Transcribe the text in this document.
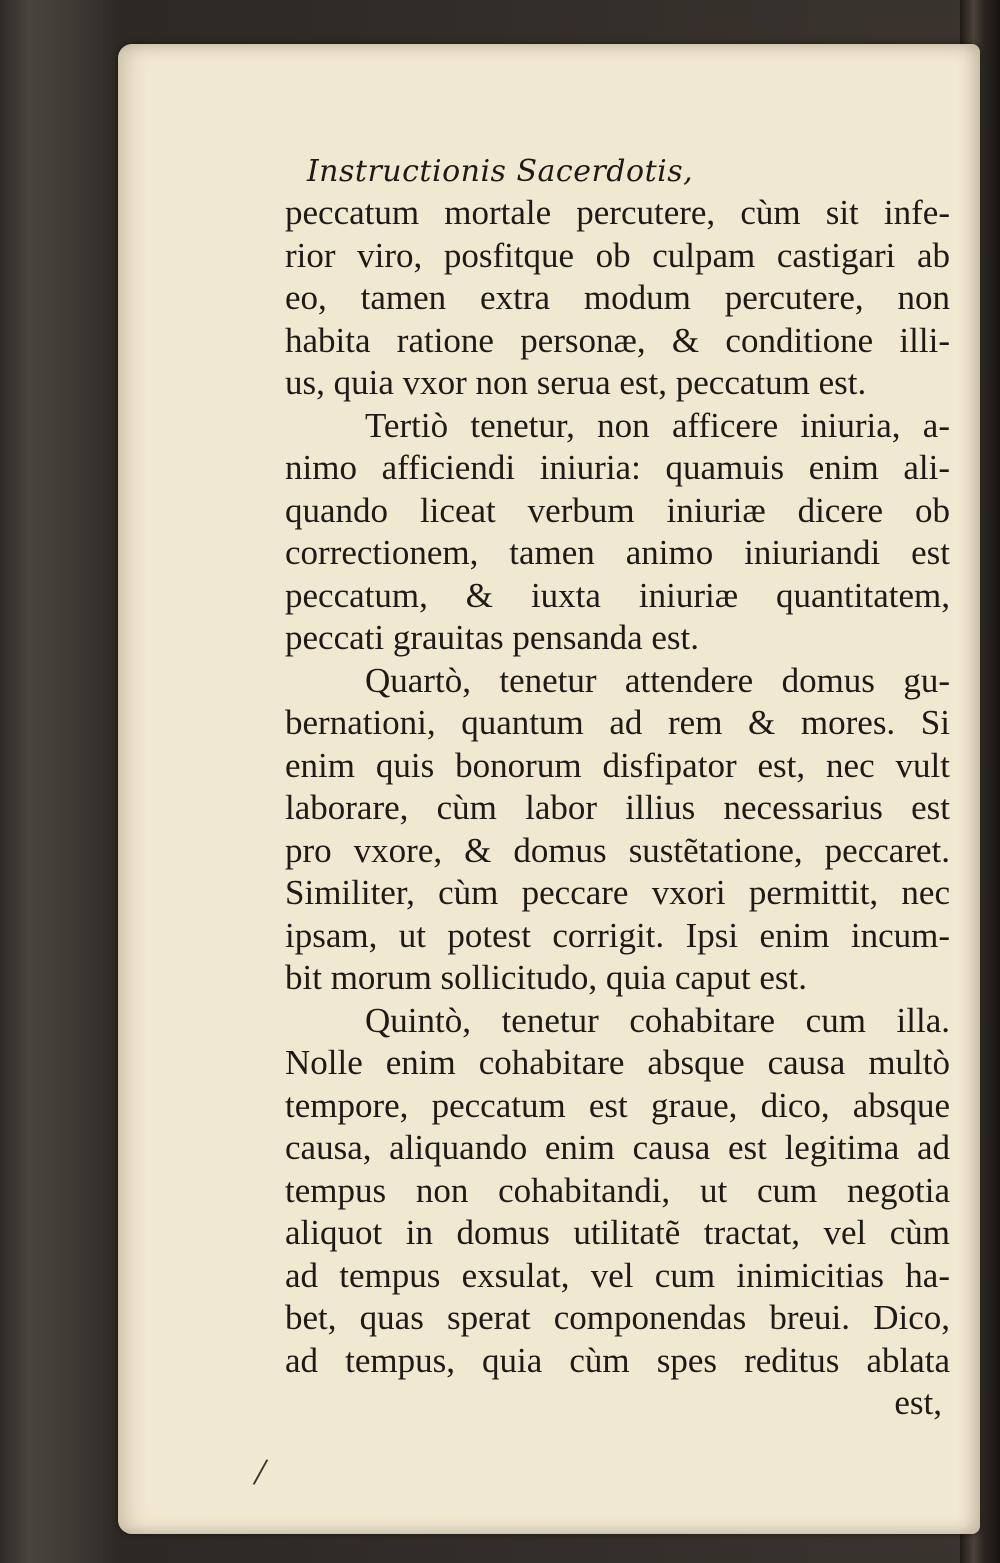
Instructionis Sacerdotis,
peccatum mortale percutere, cùm sit infe-
rior viro, posfitque ob culpam castigari ab
eo, tamen extra modum percutere, non
habita ratione personæ, & conditione illi-
us, quia vxor non serua est, peccatum est.
Tertiò tenetur, non afficere iniuria, a-
nimo afficiendi iniuria: quamuis enim ali-
quando liceat verbum iniuriæ dicere ob
correctionem, tamen animo iniuriandi est
peccatum, & iuxta iniuriæ quantitatem,
peccati grauitas pensanda est.
Quartò, tenetur attendere domus gu-
bernationi, quantum ad rem & mores. Si
enim quis bonorum disfipator est, nec vult
laborare, cùm labor illius necessarius est
pro vxore, & domus sustẽtatione, peccaret.
Similiter, cùm peccare vxori permittit, nec
ipsam, ut potest corrigit. Ipsi enim incum-
bit morum sollicitudo, quia caput est.
Quintò, tenetur cohabitare cum illa.
Nolle enim cohabitare absque causa multò
tempore, peccatum est graue, dico, absque
causa, aliquando enim causa est legitima ad
tempus non cohabitandi, ut cum negotia
aliquot in domus utilitatẽ tractat, vel cùm
ad tempus exsulat, vel cum inimicitias ha-
bet, quas sperat componendas breui. Dico,
ad tempus, quia cùm spes reditus ablata
est,
/
